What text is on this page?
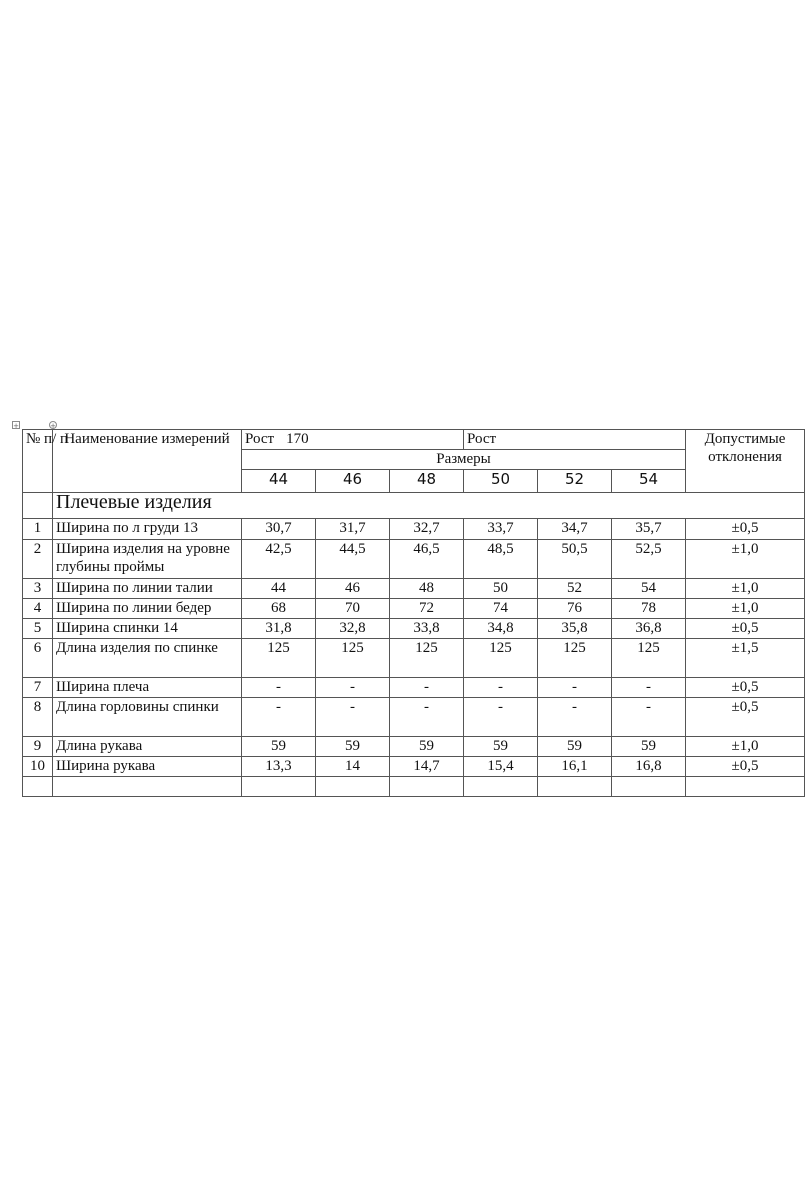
+	+
№ п/ п	Наименование измерений	Рост 170			Рост			Допустимые отклонения
		Размеры						
		44	46	48	50	52	54	
	Плечевые изделия							
1	Ширина по л груди 13	30,7	31,7	32,7	33,7	34,7	35,7	±0,5
2	Ширина изделия на уровне глубины проймы	42,5	44,5	46,5	48,5	50,5	52,5	±1,0
3	Ширина по линии талии	44	46	48	50	52	54	±1,0
4	Ширина по линии бедер	68	70	72	74	76	78	±1,0
5	Ширина спинки 14	31,8	32,8	33,8	34,8	35,8	36,8	±0,5
6	Длина изделия по спинке	125	125	125	125	125	125	±1,5
7	Ширина плеча	-	-	-	-	-	-	±0,5
8	Длина горловины спинки	-	-	-	-	-	-	±0,5
9	Длина рукава	59	59	59	59	59	59	±1,0
10	Ширина рукава	13,3	14	14,7	15,4	16,1	16,8	±0,5
